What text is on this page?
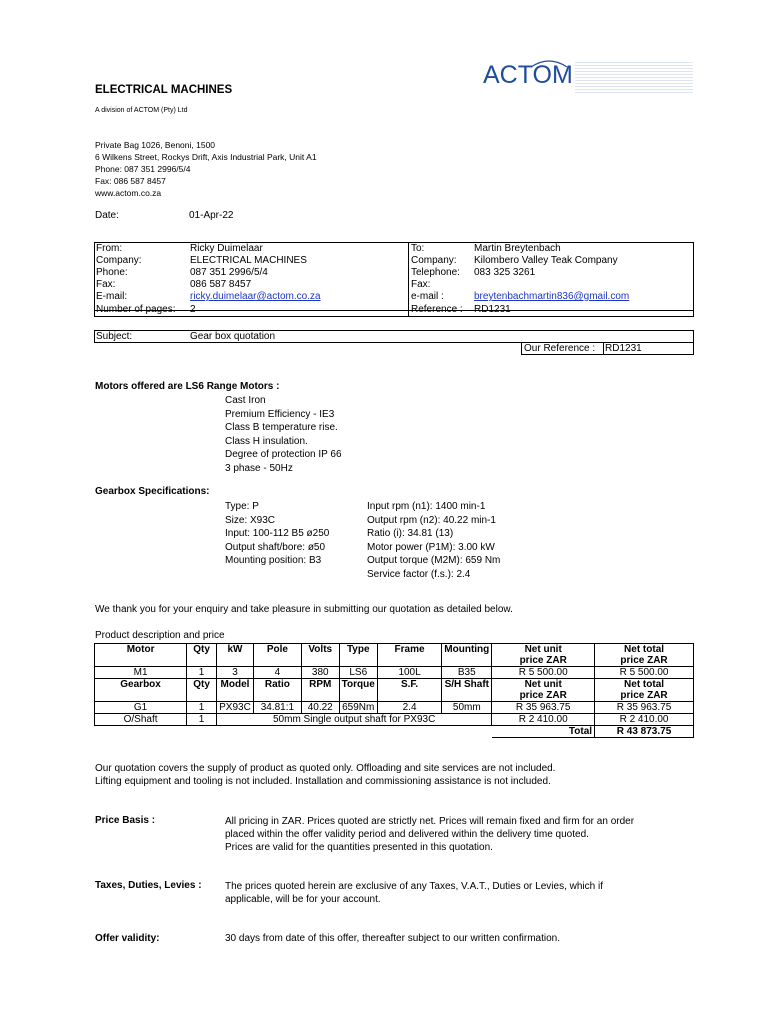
ELECTRICAL MACHINES
A division of ACTOM (Pty) Ltd
ACTOM
Private Bag 1026, Benoni, 1500
6 Wilkens Street, Rockys Drift, Axis Industrial Park, Unit A1
Phone: 087 351 2996/5/4
Fax: 086 587 8457
www.actom.co.za
Date:	01-Apr-22
From:	Ricky Duimelaar	To:	Martin Breytenbach
Company:	ELECTRICAL MACHINES	Company: Kilombero Valley Teak Company
Phone:	087 351 2996/5/4	Telephone: 083 325 3261
Fax:	086 587 8457	Fax:
E-mail:	ricky.duimelaar@actom.co.za	e-mail :	breytenbachmartin836@gmail.com
Number of pages: 2	Reference : RD1231
Subject:	Gear box quotation
Our Reference : RD1231
Motors offered are LS6 Range Motors :
Cast Iron
Premium Efficiency - IE3
Class B temperature rise.
Class H insulation.
Degree of protection IP 66
3 phase - 50Hz
Gearbox Specifications:
Type: P
Size: X93C
Input: 100-112 B5 ø250
Output shaft/bore: ø50
Mounting position: B3
Input rpm (n1): 1400 min-1
Output rpm (n2): 40.22 min-1
Ratio (i): 34.81 (13)
Motor power (P1M): 3.00 kW
Output torque (M2M): 659 Nm
Service factor (f.s.): 2.4
We thank you for your enquiry and take pleasure in submitting our quotation as detailed below.
Product description and price
Motor	Qty	kW	Pole	Volts	Type	Frame	Mounting	Net unit	Net total
								price ZAR	price ZAR
M1	1	3	4	380	LS6	100L	B35	R 5 500.00	R 5 500.00
Gearbox	Qty	Model	Ratio	RPM	Torque	S.F.	S/H Shaft	Net unit	Net total
								price ZAR	price ZAR
G1	1	PX93C	34.81:1	40.22	659Nm	2.4	50mm	R 35 963.75	R 35 963.75
O/Shaft	1	50mm Single output shaft for PX93C						R 2 410.00	R 2 410.00
								Total	R 43 873.75
Our quotation covers the supply of product as quoted only. Offloading and site services are not included.
Lifting equipment and tooling is not included. Installation and commissioning assistance is not included.
Price Basis :	All pricing in ZAR. Prices quoted are strictly net. Prices will remain fixed and firm for an order
placed within the offer validity period and delivered within the delivery time quoted.
Prices are valid for the quantities presented in this quotation.
Taxes, Duties, Levies : The prices quoted herein are exclusive of any Taxes, V.A.T., Duties or Levies, which if
applicable, will be for your account.
Offer validity:	30 days from date of this offer, thereafter subject to our written confirmation.
